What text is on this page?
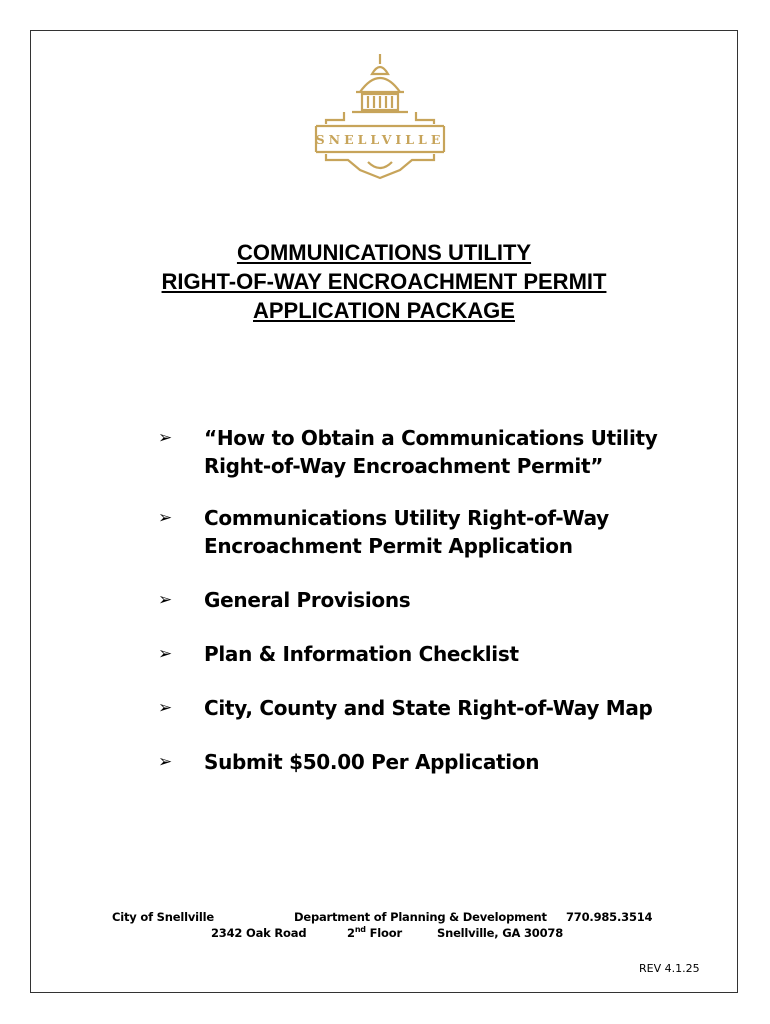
SNELLVILLE
COMMUNICATIONS UTILITY
RIGHT-OF-WAY ENCROACHMENT PERMIT
APPLICATION PACKAGE
➢ “How to Obtain a Communications Utility
Right-of-Way Encroachment Permit”
➢ Communications Utility Right-of-Way
Encroachment Permit Application
➢ General Provisions
➢ Plan & Information Checklist
➢ City, County and State Right-of-Way Map
➢ Submit $50.00 Per Application
City of Snellville	Department of Planning & Development 770.985.3514
2342 Oak Road	2nd Floor	Snellville, GA 30078
REV 4.1.25
